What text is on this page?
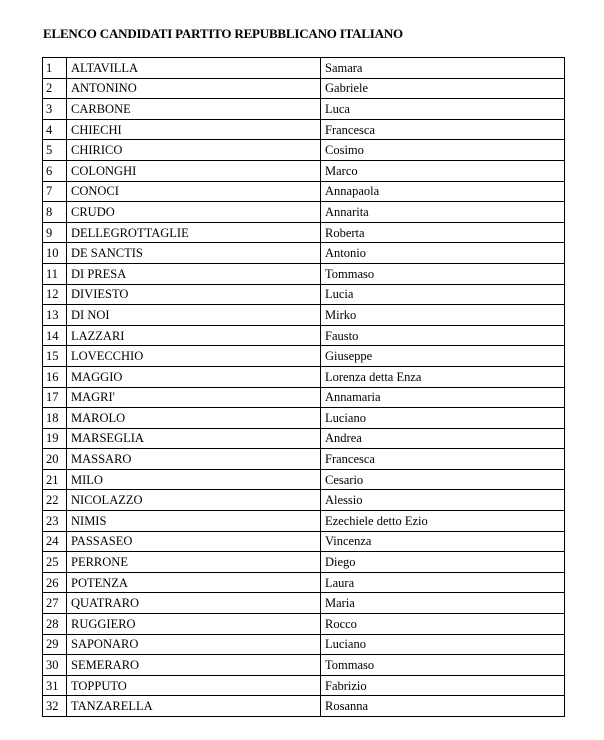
ELENCO CANDIDATI PARTITO REPUBBLICANO ITALIANO
1	ALTAVILLA	Samara
2	ANTONINO	Gabriele
3	CARBONE	Luca
4	CHIECHI	Francesca
5	CHIRICO	Cosimo
6	COLONGHI	Marco
7	CONOCI	Annapaola
8	CRUDO	Annarita
9	DELLEGROTTAGLIE	Roberta
10	DE SANCTIS	Antonio
11	DI PRESA	Tommaso
12	DIVIESTO	Lucia
13	DI NOI	Mirko
14	LAZZARI	Fausto
15	LOVECCHIO	Giuseppe
16	MAGGIO	Lorenza detta Enza
17	MAGRI'	Annamaria
18	MAROLO	Luciano
19	MARSEGLIA	Andrea
20	MASSARO	Francesca
21	MILO	Cesario
22	NICOLAZZO	Alessio
23	NIMIS	Ezechiele detto Ezio
24	PASSASEO	Vincenza
25	PERRONE	Diego
26	POTENZA	Laura
27	QUATRARO	Maria
28	RUGGIERO	Rocco
29	SAPONARO	Luciano
30	SEMERARO	Tommaso
31	TOPPUTO	Fabrizio
32	TANZARELLA	Rosanna
